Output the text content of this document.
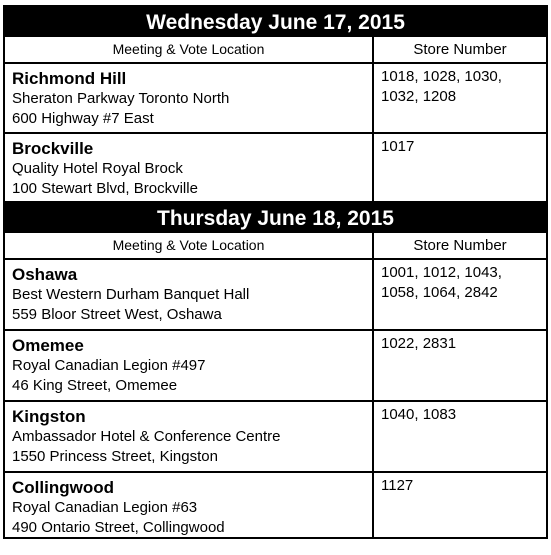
Wednesday June 17, 2015
Meeting & Vote Location	Store Number
Richmond Hill
Sheraton Parkway Toronto North
600 Highway #7 East
1018, 1028, 1030,
1032, 1208
Brockville
Quality Hotel Royal Brock
100 Stewart Blvd, Brockville
1017
Thursday June 18, 2015
Meeting & Vote Location	Store Number
Oshawa
Best Western Durham Banquet Hall
559 Bloor Street West, Oshawa
1001, 1012, 1043,
1058, 1064, 2842
Omemee
Royal Canadian Legion #497
46 King Street, Omemee
1022, 2831
Kingston
Ambassador Hotel & Conference Centre
1550 Princess Street, Kingston
1040, 1083
Collingwood
Royal Canadian Legion #63
490 Ontario Street, Collingwood
1127
